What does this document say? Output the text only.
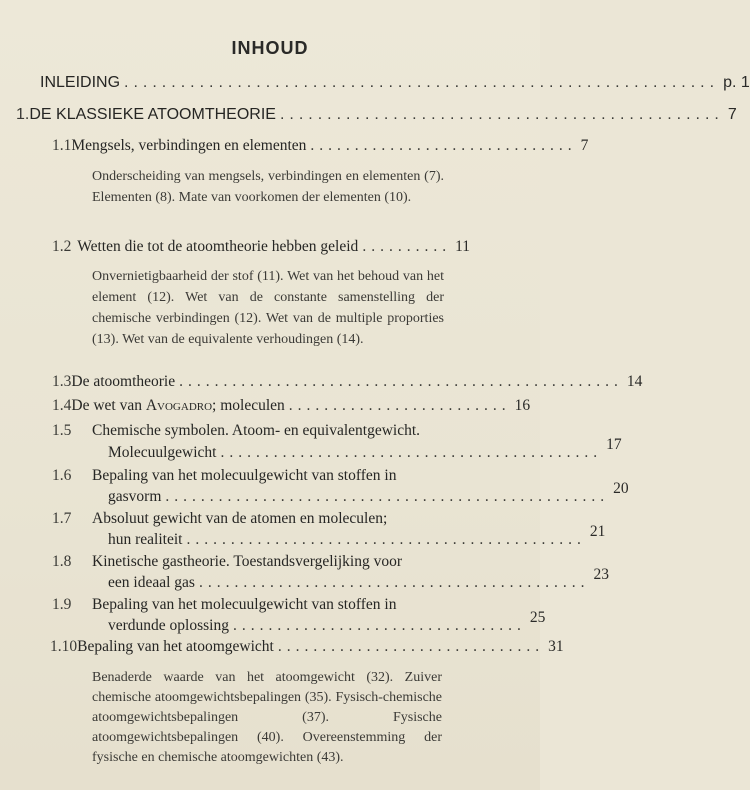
INHOUD
INLEIDING ............................................................... p. 1
1. DE KLASSIEKE ATOOMTHEORIE ............................................... 7
1.1 Mengsels, verbindingen en elementen .............................. 7
Onderscheiding van mengsels, verbindingen en elementen (7). Elementen (8). Mate van voorkomen der elementen (10).
1.2 Wetten die tot de atoomtheorie hebben geleid .......... 11
Onvernietigbaarheid der stof (11). Wet van het behoud van het element (12). Wet van de constante samenstelling der chemische verbindingen (12). Wet van de multiple proporties (13). Wet van de equivalente verhoudingen (14).
1.3 De atoomtheorie .................................................. 14
1.4 De wet van Avogadro; moleculen ......................... 16
1.5	Chemische symbolen. Atoom- en equivalentgewicht.
Molecuulgewicht ........................................... 17
1.6	Bepaling van het molecuulgewicht van stoffen in
gasvorm .................................................. 20
1.7	Absoluut gewicht van de atomen en moleculen;
hun realiteit ............................................. 21
1.8	Kinetische gastheorie. Toestandsvergelijking voor
een ideaal gas ............................................ 23
1.9	Bepaling van het molecuulgewicht van stoffen in
verdunde oplossing ................................. 25
1.10 Bepaling van het atoomgewicht .............................. 31
Benaderde waarde van het atoomgewicht (32). Zuiver chemische atoomgewichtsbepalingen (35). Fysisch-chemische atoomgewichtsbepalingen (37). Fysische atoomgewichtsbepalingen (40). Overeenstemming der fysische en chemische atoomgewichten (43).
